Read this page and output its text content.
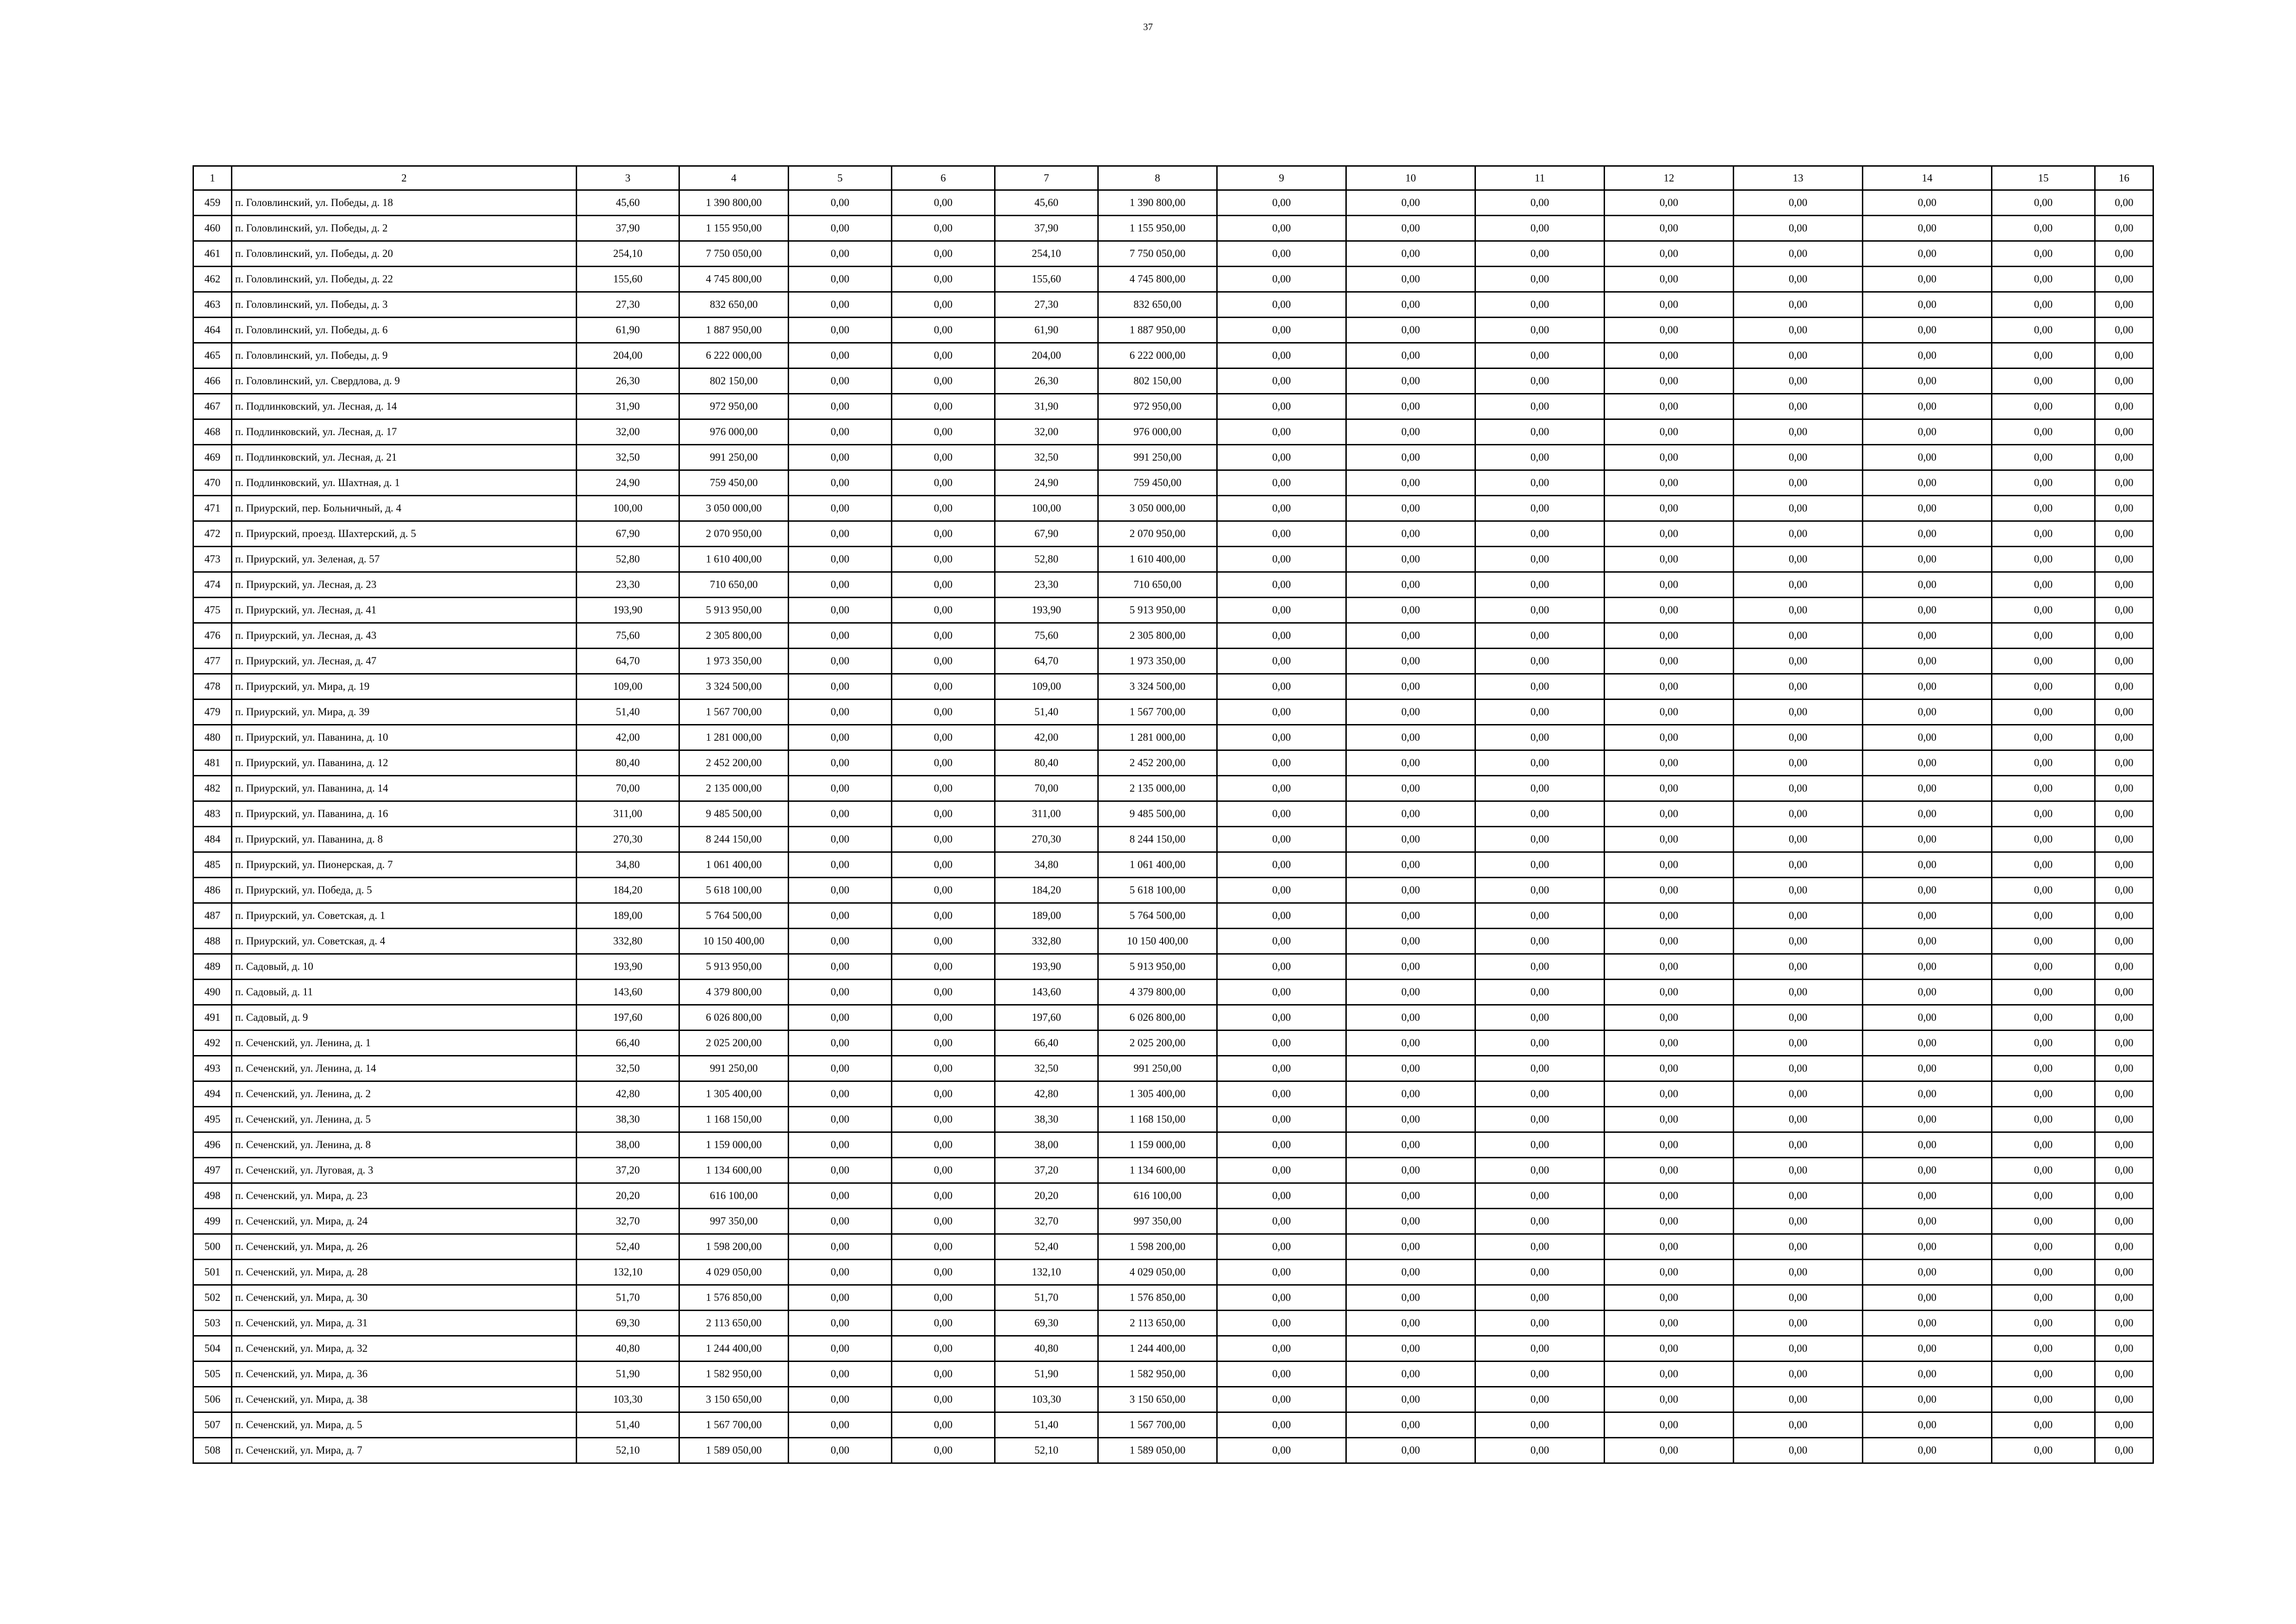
37
1	2	3	4	5	6	7	8	9	10	11	12	13	14	15	16
459	п. Головлинский, ул. Победы, д. 18	45,60	1 390 800,00	0,00	0,00	45,60	1 390 800,00	0,00	0,00	0,00	0,00	0,00	0,00	0,00	0,00
460	п. Головлинский, ул. Победы, д. 2	37,90	1 155 950,00	0,00	0,00	37,90	1 155 950,00	0,00	0,00	0,00	0,00	0,00	0,00	0,00	0,00
461	п. Головлинский, ул. Победы, д. 20	254,10	7 750 050,00	0,00	0,00	254,10	7 750 050,00	0,00	0,00	0,00	0,00	0,00	0,00	0,00	0,00
462	п. Головлинский, ул. Победы, д. 22	155,60	4 745 800,00	0,00	0,00	155,60	4 745 800,00	0,00	0,00	0,00	0,00	0,00	0,00	0,00	0,00
463	п. Головлинский, ул. Победы, д. 3	27,30	832 650,00	0,00	0,00	27,30	832 650,00	0,00	0,00	0,00	0,00	0,00	0,00	0,00	0,00
464	п. Головлинский, ул. Победы, д. 6	61,90	1 887 950,00	0,00	0,00	61,90	1 887 950,00	0,00	0,00	0,00	0,00	0,00	0,00	0,00	0,00
465	п. Головлинский, ул. Победы, д. 9	204,00	6 222 000,00	0,00	0,00	204,00	6 222 000,00	0,00	0,00	0,00	0,00	0,00	0,00	0,00	0,00
466	п. Головлинский, ул. Свердлова, д. 9	26,30	802 150,00	0,00	0,00	26,30	802 150,00	0,00	0,00	0,00	0,00	0,00	0,00	0,00	0,00
467	п. Подлинковский, ул. Лесная, д. 14	31,90	972 950,00	0,00	0,00	31,90	972 950,00	0,00	0,00	0,00	0,00	0,00	0,00	0,00	0,00
468	п. Подлинковский, ул. Лесная, д. 17	32,00	976 000,00	0,00	0,00	32,00	976 000,00	0,00	0,00	0,00	0,00	0,00	0,00	0,00	0,00
469	п. Подлинковский, ул. Лесная, д. 21	32,50	991 250,00	0,00	0,00	32,50	991 250,00	0,00	0,00	0,00	0,00	0,00	0,00	0,00	0,00
470	п. Подлинковский, ул. Шахтная, д. 1	24,90	759 450,00	0,00	0,00	24,90	759 450,00	0,00	0,00	0,00	0,00	0,00	0,00	0,00	0,00
471	п. Приуpский, пер. Больничный, д. 4	100,00	3 050 000,00	0,00	0,00	100,00	3 050 000,00	0,00	0,00	0,00	0,00	0,00	0,00	0,00	0,00
472	п. Приуpский, проезд. Шахтерский, д. 5	67,90	2 070 950,00	0,00	0,00	67,90	2 070 950,00	0,00	0,00	0,00	0,00	0,00	0,00	0,00	0,00
473	п. Приуpский, ул. Зеленая, д. 57	52,80	1 610 400,00	0,00	0,00	52,80	1 610 400,00	0,00	0,00	0,00	0,00	0,00	0,00	0,00	0,00
474	п. Приуpский, ул. Лесная, д. 23	23,30	710 650,00	0,00	0,00	23,30	710 650,00	0,00	0,00	0,00	0,00	0,00	0,00	0,00	0,00
475	п. Приуpский, ул. Лесная, д. 41	193,90	5 913 950,00	0,00	0,00	193,90	5 913 950,00	0,00	0,00	0,00	0,00	0,00	0,00	0,00	0,00
476	п. Приуpский, ул. Лесная, д. 43	75,60	2 305 800,00	0,00	0,00	75,60	2 305 800,00	0,00	0,00	0,00	0,00	0,00	0,00	0,00	0,00
477	п. Приуpский, ул. Лесная, д. 47	64,70	1 973 350,00	0,00	0,00	64,70	1 973 350,00	0,00	0,00	0,00	0,00	0,00	0,00	0,00	0,00
478	п. Приуpский, ул. Мира, д. 19	109,00	3 324 500,00	0,00	0,00	109,00	3 324 500,00	0,00	0,00	0,00	0,00	0,00	0,00	0,00	0,00
479	п. Приуpский, ул. Мира, д. 39	51,40	1 567 700,00	0,00	0,00	51,40	1 567 700,00	0,00	0,00	0,00	0,00	0,00	0,00	0,00	0,00
480	п. Приуpский, ул. Паванина, д. 10	42,00	1 281 000,00	0,00	0,00	42,00	1 281 000,00	0,00	0,00	0,00	0,00	0,00	0,00	0,00	0,00
481	п. Приуpский, ул. Паванина, д. 12	80,40	2 452 200,00	0,00	0,00	80,40	2 452 200,00	0,00	0,00	0,00	0,00	0,00	0,00	0,00	0,00
482	п. Приуpский, ул. Паванина, д. 14	70,00	2 135 000,00	0,00	0,00	70,00	2 135 000,00	0,00	0,00	0,00	0,00	0,00	0,00	0,00	0,00
483	п. Приуpский, ул. Паванина, д. 16	311,00	9 485 500,00	0,00	0,00	311,00	9 485 500,00	0,00	0,00	0,00	0,00	0,00	0,00	0,00	0,00
484	п. Приуpский, ул. Паванина, д. 8	270,30	8 244 150,00	0,00	0,00	270,30	8 244 150,00	0,00	0,00	0,00	0,00	0,00	0,00	0,00	0,00
485	п. Приуpский, ул. Пионерская, д. 7	34,80	1 061 400,00	0,00	0,00	34,80	1 061 400,00	0,00	0,00	0,00	0,00	0,00	0,00	0,00	0,00
486	п. Приуpский, ул. Победа, д. 5	184,20	5 618 100,00	0,00	0,00	184,20	5 618 100,00	0,00	0,00	0,00	0,00	0,00	0,00	0,00	0,00
487	п. Приуpский, ул. Советская, д. 1	189,00	5 764 500,00	0,00	0,00	189,00	5 764 500,00	0,00	0,00	0,00	0,00	0,00	0,00	0,00	0,00
488	п. Приуpский, ул. Советская, д. 4	332,80	10 150 400,00	0,00	0,00	332,80	10 150 400,00	0,00	0,00	0,00	0,00	0,00	0,00	0,00	0,00
489	п. Садовый, д. 10	193,90	5 913 950,00	0,00	0,00	193,90	5 913 950,00	0,00	0,00	0,00	0,00	0,00	0,00	0,00	0,00
490	п. Садовый, д. 11	143,60	4 379 800,00	0,00	0,00	143,60	4 379 800,00	0,00	0,00	0,00	0,00	0,00	0,00	0,00	0,00
491	п. Садовый, д. 9	197,60	6 026 800,00	0,00	0,00	197,60	6 026 800,00	0,00	0,00	0,00	0,00	0,00	0,00	0,00	0,00
492	п. Сеченский, ул. Ленина, д. 1	66,40	2 025 200,00	0,00	0,00	66,40	2 025 200,00	0,00	0,00	0,00	0,00	0,00	0,00	0,00	0,00
493	п. Сеченский, ул. Ленина, д. 14	32,50	991 250,00	0,00	0,00	32,50	991 250,00	0,00	0,00	0,00	0,00	0,00	0,00	0,00	0,00
494	п. Сеченский, ул. Ленина, д. 2	42,80	1 305 400,00	0,00	0,00	42,80	1 305 400,00	0,00	0,00	0,00	0,00	0,00	0,00	0,00	0,00
495	п. Сеченский, ул. Ленина, д. 5	38,30	1 168 150,00	0,00	0,00	38,30	1 168 150,00	0,00	0,00	0,00	0,00	0,00	0,00	0,00	0,00
496	п. Сеченский, ул. Ленина, д. 8	38,00	1 159 000,00	0,00	0,00	38,00	1 159 000,00	0,00	0,00	0,00	0,00	0,00	0,00	0,00	0,00
497	п. Сеченский, ул. Луговая, д. 3	37,20	1 134 600,00	0,00	0,00	37,20	1 134 600,00	0,00	0,00	0,00	0,00	0,00	0,00	0,00	0,00
498	п. Сеченский, ул. Мира, д. 23	20,20	616 100,00	0,00	0,00	20,20	616 100,00	0,00	0,00	0,00	0,00	0,00	0,00	0,00	0,00
499	п. Сеченский, ул. Мира, д. 24	32,70	997 350,00	0,00	0,00	32,70	997 350,00	0,00	0,00	0,00	0,00	0,00	0,00	0,00	0,00
500	п. Сеченский, ул. Мира, д. 26	52,40	1 598 200,00	0,00	0,00	52,40	1 598 200,00	0,00	0,00	0,00	0,00	0,00	0,00	0,00	0,00
501	п. Сеченский, ул. Мира, д. 28	132,10	4 029 050,00	0,00	0,00	132,10	4 029 050,00	0,00	0,00	0,00	0,00	0,00	0,00	0,00	0,00
502	п. Сеченский, ул. Мира, д. 30	51,70	1 576 850,00	0,00	0,00	51,70	1 576 850,00	0,00	0,00	0,00	0,00	0,00	0,00	0,00	0,00
503	п. Сеченский, ул. Мира, д. 31	69,30	2 113 650,00	0,00	0,00	69,30	2 113 650,00	0,00	0,00	0,00	0,00	0,00	0,00	0,00	0,00
504	п. Сеченский, ул. Мира, д. 32	40,80	1 244 400,00	0,00	0,00	40,80	1 244 400,00	0,00	0,00	0,00	0,00	0,00	0,00	0,00	0,00
505	п. Сеченский, ул. Мира, д. 36	51,90	1 582 950,00	0,00	0,00	51,90	1 582 950,00	0,00	0,00	0,00	0,00	0,00	0,00	0,00	0,00
506	п. Сеченский, ул. Мира, д. 38	103,30	3 150 650,00	0,00	0,00	103,30	3 150 650,00	0,00	0,00	0,00	0,00	0,00	0,00	0,00	0,00
507	п. Сеченский, ул. Мира, д. 5	51,40	1 567 700,00	0,00	0,00	51,40	1 567 700,00	0,00	0,00	0,00	0,00	0,00	0,00	0,00	0,00
508	п. Сеченский, ул. Мира, д. 7	52,10	1 589 050,00	0,00	0,00	52,10	1 589 050,00	0,00	0,00	0,00	0,00	0,00	0,00	0,00	0,00
